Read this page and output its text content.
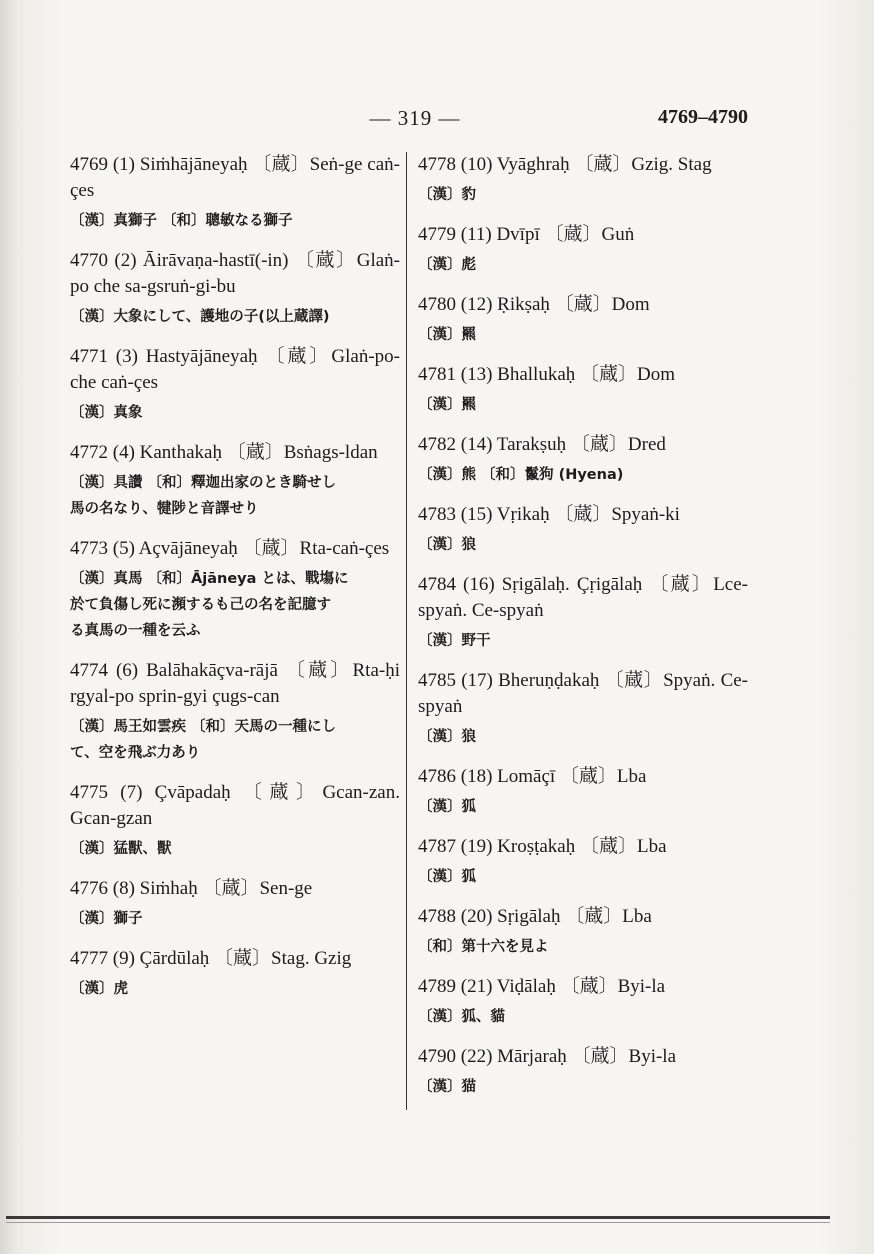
— 319 —	4769–4790
4769 (1) Siṁhājāneyaḥ 〔蔵〕Seṅ-ge caṅ-çes
〔漢〕真獅子 〔和〕聰敏なる獅子
4770 (2) Āirāvaṇa-hastī(-in) 〔蔵〕Glaṅ-po che sa-gsruṅ-gi-bu
〔漢〕大象にして、護地の子(以上蔵譯)
4771 (3) Hastyājāneyaḥ 〔蔵〕Glaṅ-po-che caṅ-çes
〔漢〕真象
4772 (4) Kanthakaḥ 〔蔵〕Bsṅags-ldan
〔漢〕具讚 〔和〕釋迦出家のとき騎せし
馬の名なり、犍陟と音譯せり
4773 (5) Açvājāneyaḥ 〔蔵〕Rta-caṅ-çes
〔漢〕真馬 〔和〕Ājāneya とは、戰塲に
於て負傷し死に瀕するも己の名を記臆す
る真馬の一種を云ふ
4774 (6) Balāhakāçva-rājā 〔蔵〕Rta-ḥi rgyal-po sprin-gyi çugs-can
〔漢〕馬王如雲疾 〔和〕天馬の一種にし
て、空を飛ぶ力あり
4775 (7) Çvāpadaḥ 〔蔵〕Gcan-zan. Gcan-gzan
〔漢〕猛獸、獸
4776 (8) Siṁhaḥ 〔蔵〕Sen-ge
〔漢〕獅子
4777 (9) Çārdūlaḥ 〔蔵〕Stag. Gzig
〔漢〕虎
4778 (10) Vyāghraḥ 〔蔵〕Gzig. Stag
〔漢〕豹
4779 (11) Dvīpī 〔蔵〕Guṅ
〔漢〕彪
4780 (12) Ṛikṣaḥ 〔蔵〕Dom
〔漢〕羆
4781 (13) Bhallukaḥ 〔蔵〕Dom
〔漢〕羆
4782 (14) Tarakṣuḥ 〔蔵〕Dred
〔漢〕熊 〔和〕鬣狗 (Hyena)
4783 (15) Vṛikaḥ 〔蔵〕Spyaṅ-ki
〔漢〕狼
4784 (16) Sṛigālaḥ. Çṛigālaḥ 〔蔵〕Lce-spyaṅ. Ce-spyaṅ
〔漢〕野干
4785 (17) Bheruṇḍakaḥ 〔蔵〕Spyaṅ. Ce-spyaṅ
〔漢〕狼
4786 (18) Lomāçī 〔蔵〕Lba
〔漢〕狐
4787 (19) Kroṣṭakaḥ 〔蔵〕Lba
〔漢〕狐
4788 (20) Sṛigālaḥ 〔蔵〕Lba
〔和〕第十六を見よ
4789 (21) Viḍālaḥ 〔蔵〕Byi-la
〔漢〕狐、貓
4790 (22) Mārjaraḥ 〔蔵〕Byi-la
〔漢〕猫
